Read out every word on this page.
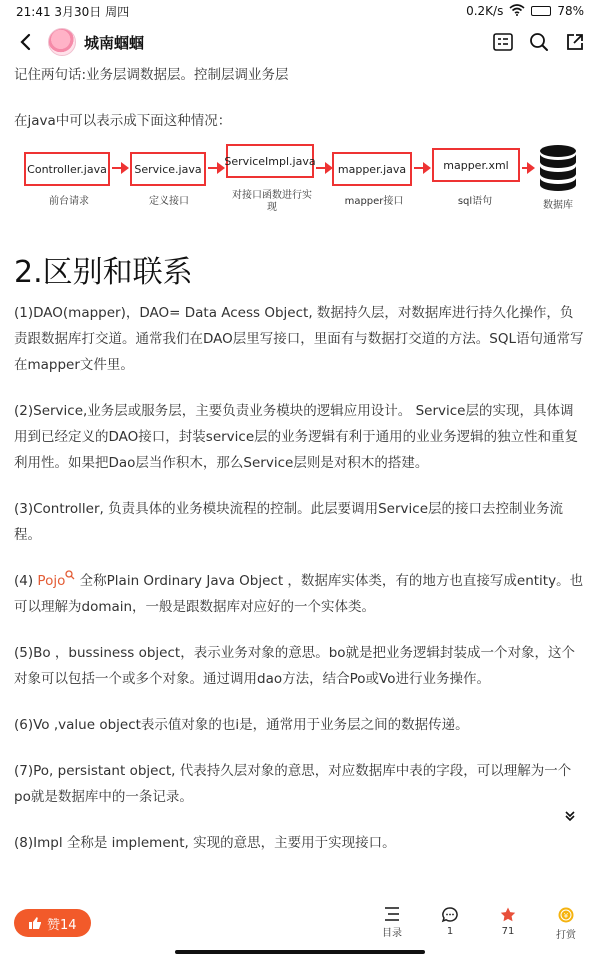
21:41 3月30日 周四	0.2K/s	78%
城南蝈蝈
记住两句话:业务层调数据层。控制层调业务层
在java中可以表示成下面这种情况：
Controller.java	Service.java
ServiceImpl.java
mapper.java	mapper.xml
前台请求	定义接口
对接口函数进行实
现
mapper接口	sql语句	数据库
2.区别和联系
(1)DAO(mapper)，DAO= Data Acess Object, 数据持久层，对数据库进行持久化操作，负责跟数据库打交道。通常我们在DAO层里写接口，里面有与数据打交道的方法。SQL语句通常写在mapper文件里。
(2)Service,业务层或服务层，主要负责业务模块的逻辑应用设计。 Service层的实现，具体调用到已经定义的DAO接口，封装service层的业务逻辑有利于通用的业业务逻辑的独立性和重复利用性。如果把Dao层当作积木，那么Service层则是对积木的搭建。
(3)Controller, 负责具体的业务模块流程的控制。此层要调用Service层的接口去控制业务流程。
(4) Pojo 全称Plain Ordinary Java Object ，数据库实体类，有的地方也直接写成entity。也可以理解为domain，一般是跟数据库对应好的一个实体类。
(5)Bo ，bussiness object，表示业务对象的意思。bo就是把业务逻辑封装成一个对象，这个对象可以包括一个或多个对象。通过调用dao方法，结合Po或Vo进行业务操作。
(6)Vo ,value object表示值对象的也i是，通常用于业务层之间的数据传递。
(7)Po, persistant object, 代表持久层对象的意思，对应数据库中表的字段，可以理解为一个po就是数据库中的一条记录。
(8)Impl 全称是 implement, 实现的意思，主要用于实现接口。
赞14
目录	1	71
¥
打赏
